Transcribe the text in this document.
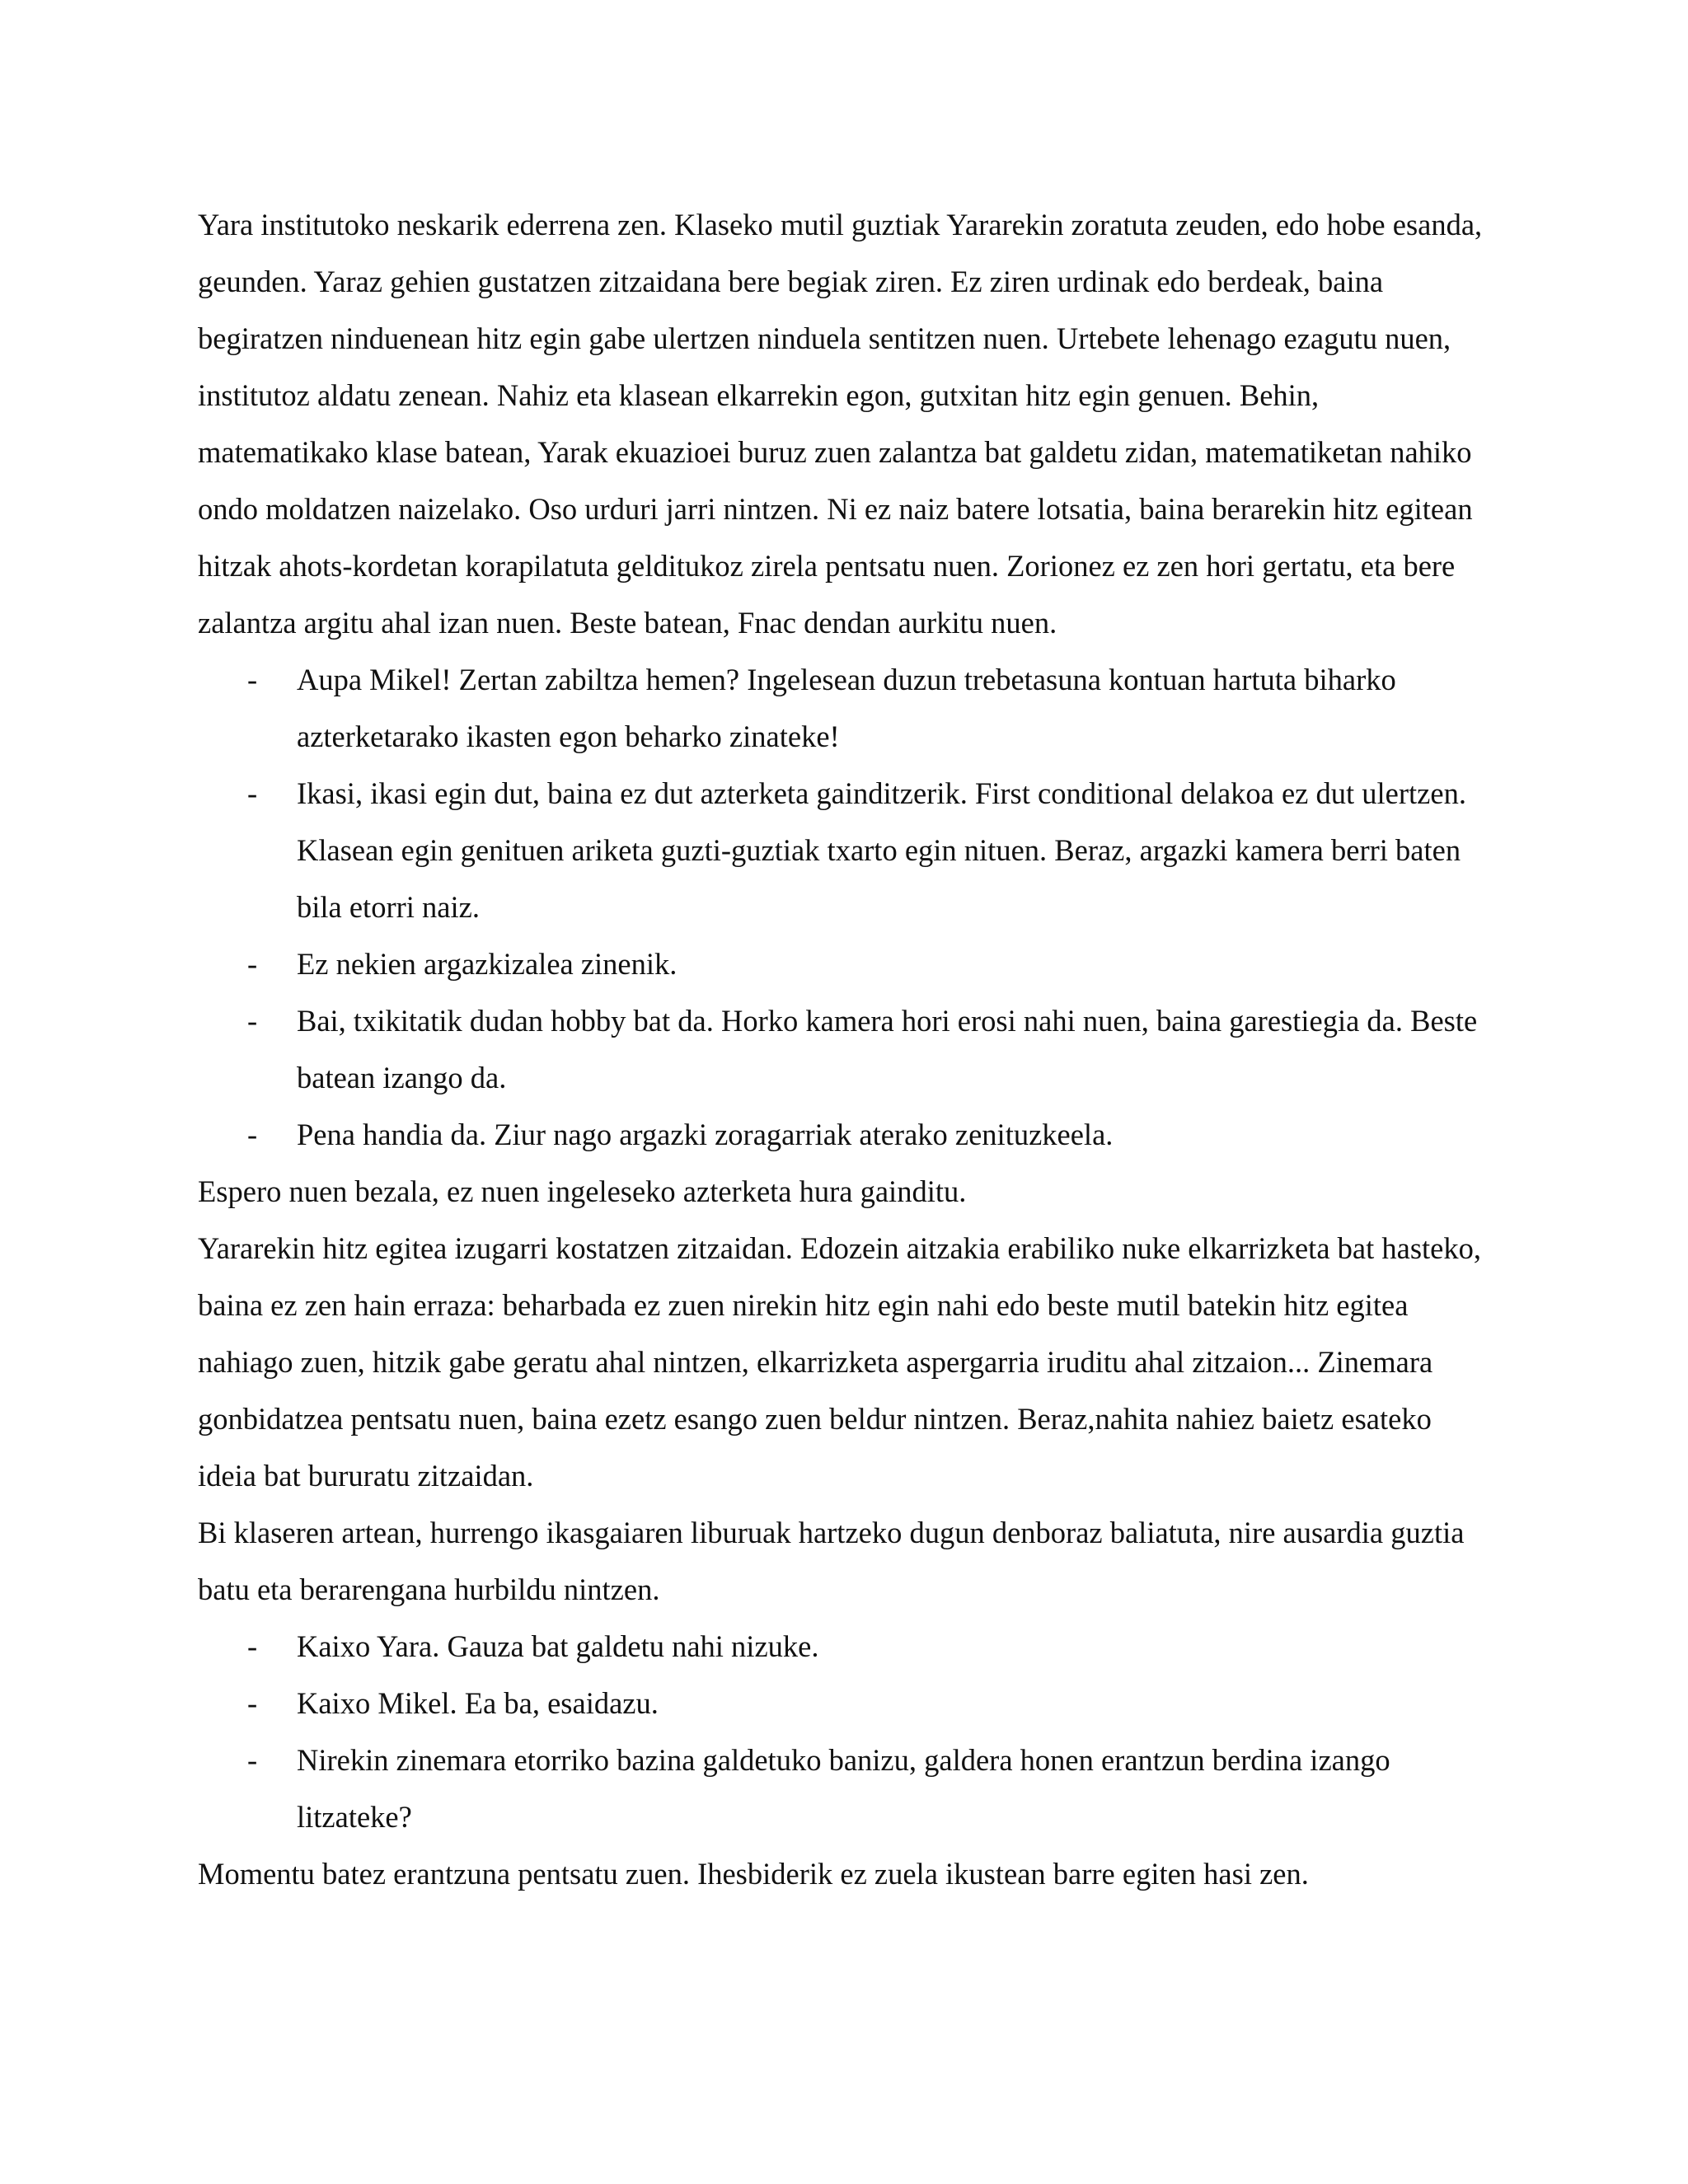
Yara institutoko neskarik ederrena zen. Klaseko mutil guztiak Yararekin zoratuta zeuden, edo hobe esanda, geunden. Yaraz gehien gustatzen zitzaidana bere begiak ziren. Ez ziren urdinak edo berdeak, baina begiratzen ninduenean hitz egin gabe ulertzen ninduela sentitzen nuen. Urtebete lehenago ezagutu nuen, institutoz aldatu zenean. Nahiz eta klasean elkarrekin egon, gutxitan hitz egin genuen. Behin, matematikako klase batean, Yarak ekuazioei buruz zuen zalantza bat galdetu zidan, matematiketan nahiko ondo moldatzen naizelako. Oso urduri jarri nintzen. Ni ez naiz batere lotsatia, baina berarekin hitz egitean hitzak ahots-kordetan korapilatuta gelditukoz zirela pentsatu nuen. Zorionez ez zen hori gertatu, eta bere zalantza argitu ahal izan nuen. Beste batean, Fnac dendan aurkitu nuen.

- Aupa Mikel! Zertan zabiltza hemen? Ingelesean duzun trebetasuna kontuan hartuta biharko azterketarako ikasten egon beharko zinateke!
- Ikasi, ikasi egin dut, baina ez dut azterketa gainditzerik. First conditional delakoa ez dut ulertzen. Klasean egin genituen ariketa guzti-guztiak txarto egin nituen. Beraz, argazki kamera berri baten bila etorri naiz.
- Ez nekien argazkizalea zinenik.
- Bai, txikitatik dudan hobby bat da. Horko kamera hori erosi nahi nuen, baina garestiegia da. Beste batean izango da.
- Pena handia da. Ziur nago argazki zoragarriak aterako zenituzkeela.

Espero nuen bezala, ez nuen ingeleseko azterketa hura gainditu.

Yararekin hitz egitea izugarri kostatzen zitzaidan. Edozein aitzakia erabiliko nuke elkarrizketa bat hasteko, baina ez zen hain erraza: beharbada ez zuen nirekin hitz egin nahi edo beste mutil batekin hitz egitea nahiago zuen, hitzik gabe geratu ahal nintzen, elkarrizketa aspergarria iruditu ahal zitzaion... Zinemara gonbidatzea pentsatu nuen, baina ezetz esango zuen beldur nintzen. Beraz,nahita nahiez baietz esateko ideia bat bururatu zitzaidan.

Bi klaseren artean, hurrengo ikasgaiaren liburuak hartzeko dugun denboraz baliatuta, nire ausardia guztia batu eta berarengana hurbildu nintzen.

- Kaixo Yara. Gauza bat galdetu nahi nizuke.
- Kaixo Mikel. Ea ba, esaidazu.
- Nirekin zinemara etorriko bazina galdetuko banizu, galdera honen erantzun berdina izango litzateke?

Momentu batez erantzuna pentsatu zuen. Ihesbiderik ez zuela ikustean barre egiten hasi zen.
